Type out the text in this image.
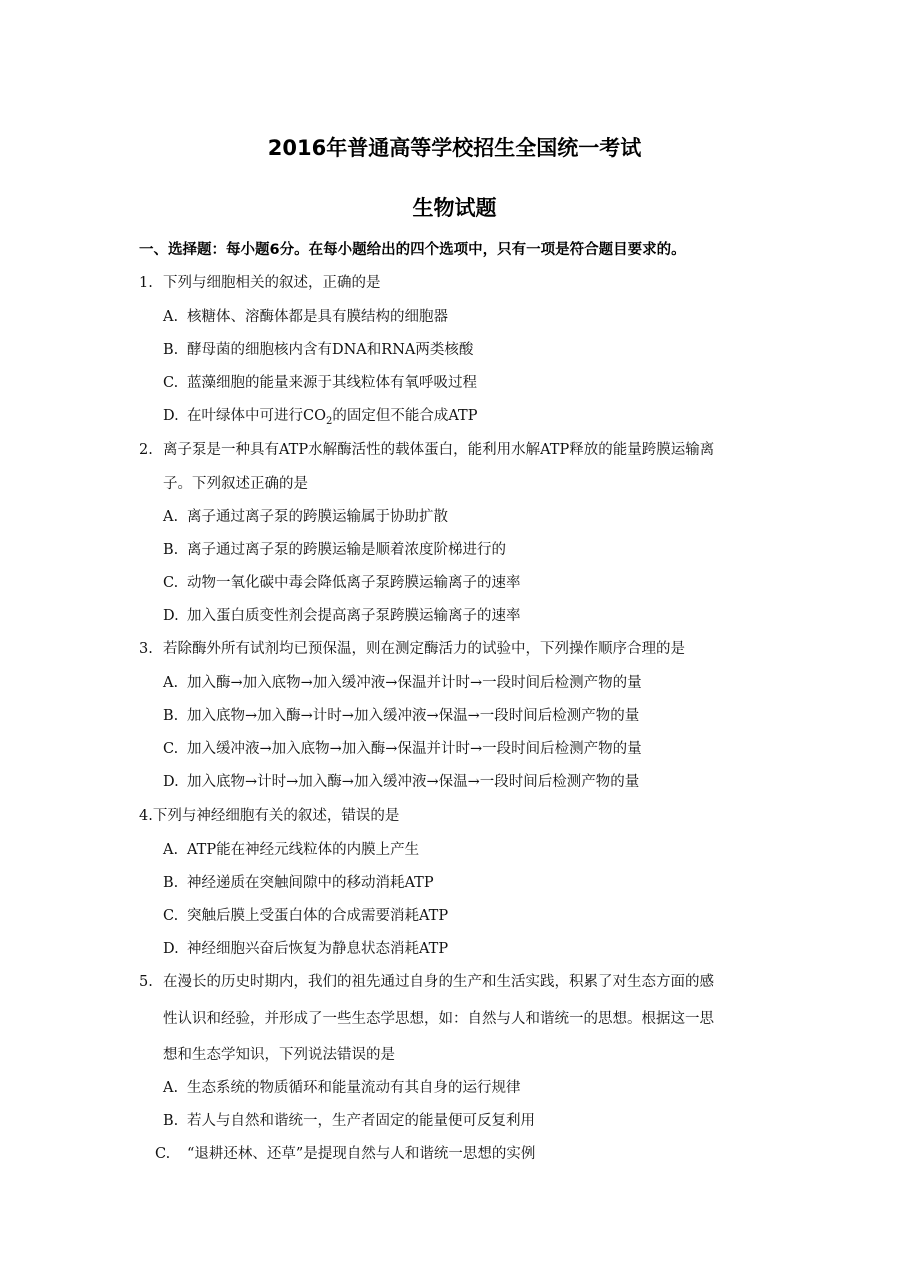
2016年普通高等学校招生全国统一考试
生物试题
一、选择题：每小题6分。在每小题给出的四个选项中，只有一项是符合题目要求的。
1. 下列与细胞相关的叙述，正确的是
A. 核糖体、溶酶体都是具有膜结构的细胞器
B. 酵母菌的细胞核内含有DNA和RNA两类核酸
C. 蓝藻细胞的能量来源于其线粒体有氧呼吸过程
D. 在叶绿体中可进行$CO_2$的固定但不能合成ATP
2. 离子泵是一种具有ATP水解酶活性的载体蛋白，能利用水解ATP释放的能量跨膜运输离
子。下列叙述正确的是
A. 离子通过离子泵的跨膜运输属于协助扩散
B. 离子通过离子泵的跨膜运输是顺着浓度阶梯进行的
C. 动物一氧化碳中毒会降低离子泵跨膜运输离子的速率
D. 加入蛋白质变性剂会提高离子泵跨膜运输离子的速率
3. 若除酶外所有试剂均已预保温，则在测定酶活力的试验中，下列操作顺序合理的是
A. 加入酶→加入底物→加入缓冲液→保温并计时→一段时间后检测产物的量
B. 加入底物→加入酶→计时→加入缓冲液→保温→一段时间后检测产物的量
C. 加入缓冲液→加入底物→加入酶→保温并计时→一段时间后检测产物的量
D. 加入底物→计时→加入酶→加入缓冲液→保温→一段时间后检测产物的量
4.下列与神经细胞有关的叙述，错误的是
A. ATP能在神经元线粒体的内膜上产生
B. 神经递质在突触间隙中的移动消耗ATP
C. 突触后膜上受蛋白体的合成需要消耗ATP
D. 神经细胞兴奋后恢复为静息状态消耗ATP
5. 在漫长的历史时期内，我们的祖先通过自身的生产和生活实践，积累了对生态方面的感
性认识和经验，并形成了一些生态学思想，如：自然与人和谐统一的思想。根据这一思
想和生态学知识，下列说法错误的是
A. 生态系统的物质循环和能量流动有其自身的运行规律
B. 若人与自然和谐统一，生产者固定的能量便可反复利用
C. “退耕还林、还草”是提现自然与人和谐统一思想的实例
